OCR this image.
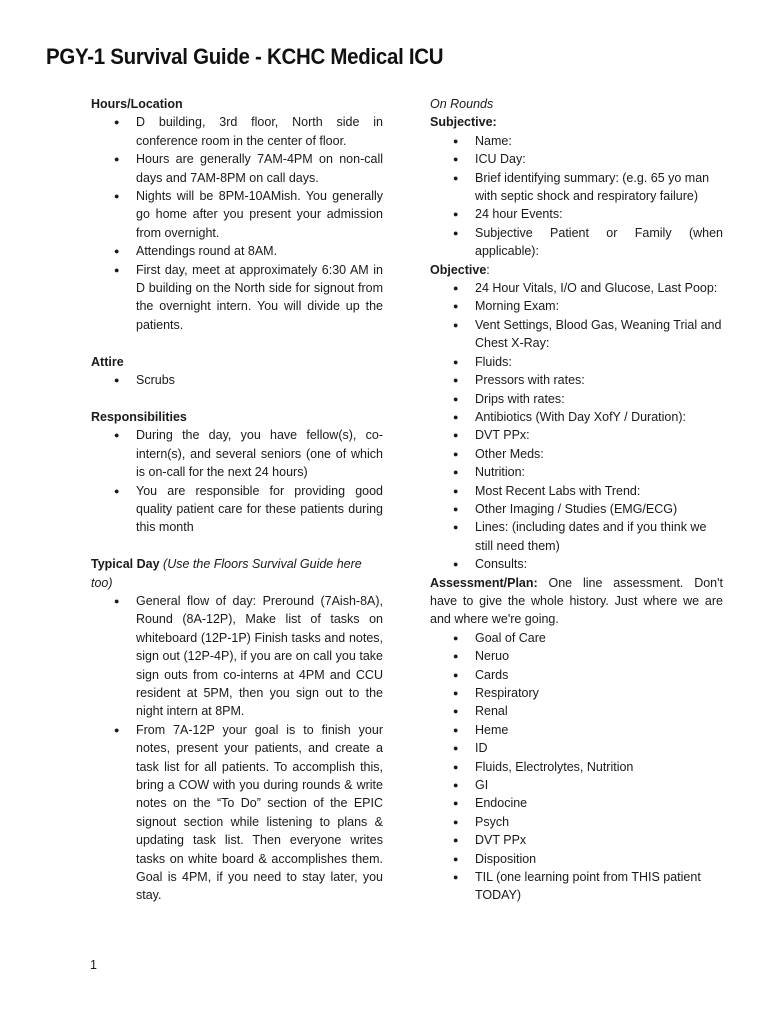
PGY-1 Survival Guide - KCHC Medical ICU

Hours/Location

● D building, 3rd floor, North side in conference room in the center of floor.
● Hours are generally 7AM-4PM on non-call days and 7AM-8PM on call days.
● Nights will be 8PM-10AMish. You generally go home after you present your admission from overnight.
● Attendings round at 8AM.
● First day, meet at approximately 6:30 AM in D building on the North side for signout from the overnight intern. You will divide up the patients.

Attire

● Scrubs

Responsibilities

● During the day, you have fellow(s), co-intern(s), and several seniors (one of which is on-call for the next 24 hours)
● You are responsible for providing good quality patient care for these patients during this month

Typical Day (Use the Floors Survival Guide here too)

● General flow of day: Preround (7Aish-8A), Round (8A-12P), Make list of tasks on whiteboard (12P-1P) Finish tasks and notes, sign out (12P-4P), if you are on call you take sign outs from co-interns at 4PM and CCU resident at 5PM, then you sign out to the night intern at 8PM.
● From 7A-12P your goal is to finish your notes, present your patients, and create a task list for all patients. To accomplish this, bring a COW with you during rounds & write notes on the “To Do” section of the EPIC signout section while listening to plans & updating task list. Then everyone writes tasks on white board & accomplishes them. Goal is 4PM, if you need to stay later, you stay.

On Rounds

Subjective:

● Name:
● ICU Day:
● Brief identifying summary: (e.g. 65 yo man with septic shock and respiratory failure)
● 24 hour Events:
● Subjective Patient or Family (when applicable):

Objective:

● 24 Hour Vitals, I/O and Glucose, Last Poop:
● Morning Exam:
● Vent Settings, Blood Gas, Weaning Trial and Chest X-Ray:
● Fluids:
● Pressors with rates:
● Drips with rates:
● Antibiotics (With Day XofY / Duration):
● DVT PPx:
● Other Meds:
● Nutrition:
● Most Recent Labs with Trend:
● Other Imaging / Studies (EMG/ECG)
● Lines: (including dates and if you think we still need them)
● Consults:

Assessment/Plan: One line assessment. Don't have to give the whole history. Just where we are and where we're going.

● Goal of Care
● Neruo
● Cards
● Respiratory
● Renal
● Heme
● ID
● Fluids, Electrolytes, Nutrition
● GI
● Endocine
● Psych
● DVT PPx
● Disposition
● TIL (one learning point from THIS patient TODAY)
1
